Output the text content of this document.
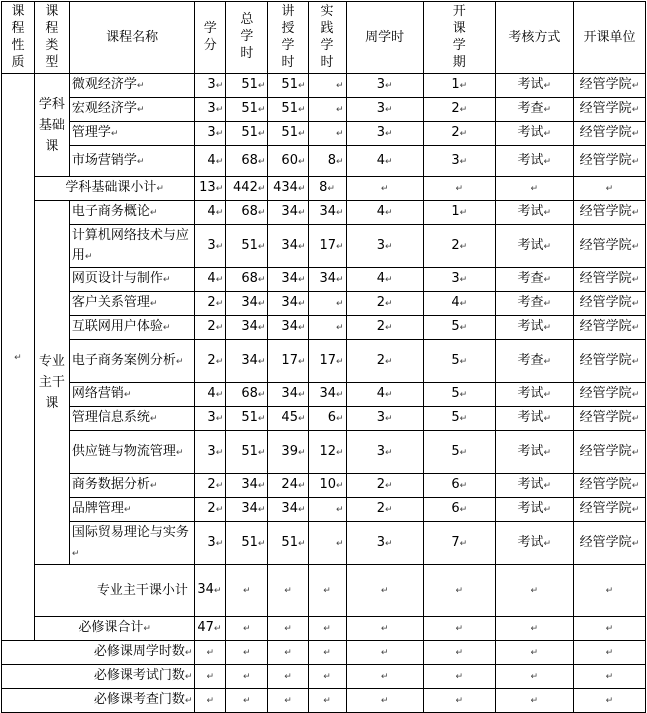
课程性质	课程类型	课程名称	学分	总学时	讲授学时	实践学时	周学时	开课学期	考核方式	开课单位
↵	学科基础课	微观经济学↵	3↵	51↵	51↵	↵	3↵	1↵	考试↵	经管学院↵
		宏观经济学↵	3↵	51↵	51↵	↵	3↵	2↵	考查↵	经管学院↵
		管理学↵	3↵	51↵	51↵	↵	3↵	2↵	考试↵	经管学院↵
		市场营销学↵	4↵	68↵	60↵	8↵	4↵	3↵	考试↵	经管学院↵
	学科基础课小计↵		13↵	442↵	434↵	8↵	↵	↵	↵	↵
	专业主干课	电子商务概论↵	4↵	68↵	34↵	34↵	4↵	1↵	考试↵	经管学院↵
		计算机网络技术与应用↵	3↵	51↵	34↵	17↵	3↵	2↵	考试↵	经管学院↵
		网页设计与制作↵	4↵	68↵	34↵	34↵	4↵	3↵	考查↵	经管学院↵
		客户关系管理↵	2↵	34↵	34↵	↵	2↵	4↵	考查↵	经管学院↵
		互联网用户体验↵	2↵	34↵	34↵	↵	2↵	5↵	考试↵	经管学院↵
		电子商务案例分析↵	2↵	34↵	17↵	17↵	2↵	5↵	考查↵	经管学院↵
		网络营销↵	4↵	68↵	34↵	34↵	4↵	5↵	考试↵	经管学院↵
		管理信息系统↵	3↵	51↵	45↵	6↵	3↵	5↵	考试↵	经管学院↵
		供应链与物流管理↵	3↵	51↵	39↵	12↵	3↵	5↵	考试↵	经管学院↵
		商务数据分析↵	2↵	34↵	24↵	10↵	2↵	6↵	考试↵	经管学院↵
		品牌管理↵	2↵	34↵	34↵	↵	2↵	6↵	考试↵	经管学院↵
		国际贸易理论与实务↵	3↵	51↵	51↵	↵	3↵	7↵	考试↵	经管学院↵
	专业主干课小计		34↵	↵	↵	↵	↵	↵	↵	↵
	必修课合计↵		47↵	↵	↵	↵	↵	↵	↵	↵
必修课周学时数↵			↵	↵	↵	↵	↵	↵	↵	↵
必修课考试门数↵			↵	↵	↵	↵	↵	↵	↵	↵
必修课考查门数↵			↵	↵	↵	↵	↵	↵	↵	↵
